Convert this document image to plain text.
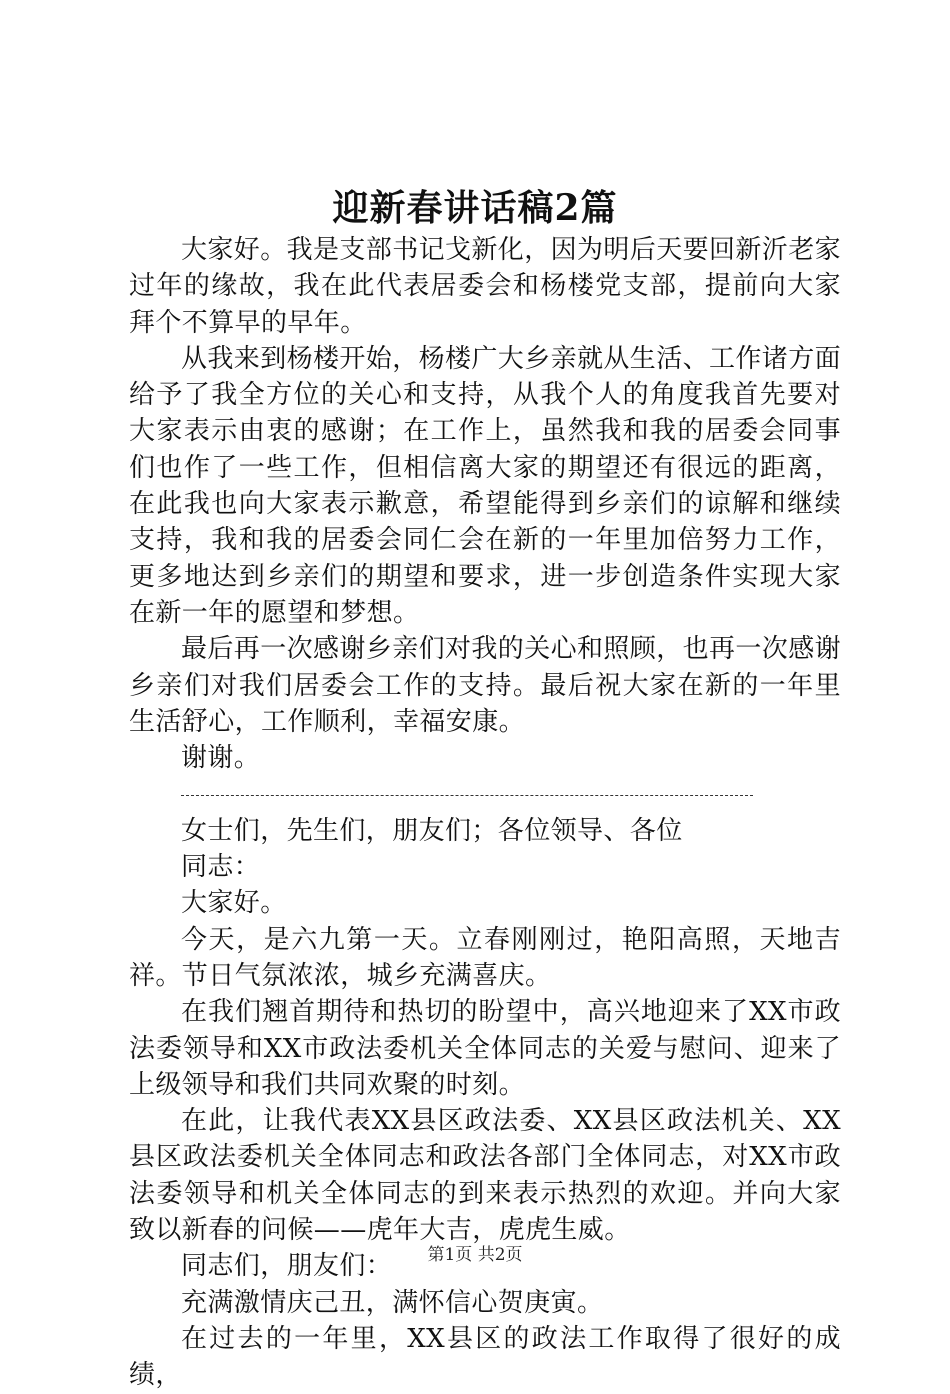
迎新春讲话稿2篇

大家好。我是支部书记戈新化，因为明后天要回新沂老家过年的缘故，我在此代表居委会和杨楼党支部，提前向大家拜个不算早的早年。

从我来到杨楼开始，杨楼广大乡亲就从生活、工作诸方面给予了我全方位的关心和支持，从我个人的角度我首先要对大家表示由衷的感谢；在工作上，虽然我和我的居委会同事们也作了一些工作，但相信离大家的期望还有很远的距离，在此我也向大家表示歉意，希望能得到乡亲们的谅解和继续支持，我和我的居委会同仁会在新的一年里加倍努力工作，更多地达到乡亲们的期望和要求，进一步创造条件实现大家在新一年的愿望和梦想。

最后再一次感谢乡亲们对我的关心和照顾，也再一次感谢乡亲们对我们居委会工作的支持。最后祝大家在新的一年里生活舒心，工作顺利，幸福安康。

谢谢。

女士们，先生们，朋友们；各位领导、各位

同志：

大家好。

今天，是六九第一天。立春刚刚过，艳阳高照，天地吉祥。节日气氛浓浓，城乡充满喜庆。

在我们翘首期待和热切的盼望中，高兴地迎来了XX市政法委领导和XX市政法委机关全体同志的关爱与慰问、迎来了上级领导和我们共同欢聚的时刻。

在此，让我代表XX县区政法委、XX县区政法机关、XX县区政法委机关全体同志和政法各部门全体同志，对XX市政法委领导和机关全体同志的到来表示热烈的欢迎。并向大家致以新春的问候——虎年大吉，虎虎生威。

同志们，朋友们：

充满激情庆己丑，满怀信心贺庚寅。

在过去的一年里，XX县区的政法工作取得了很好的成绩，

第1页 共2页
